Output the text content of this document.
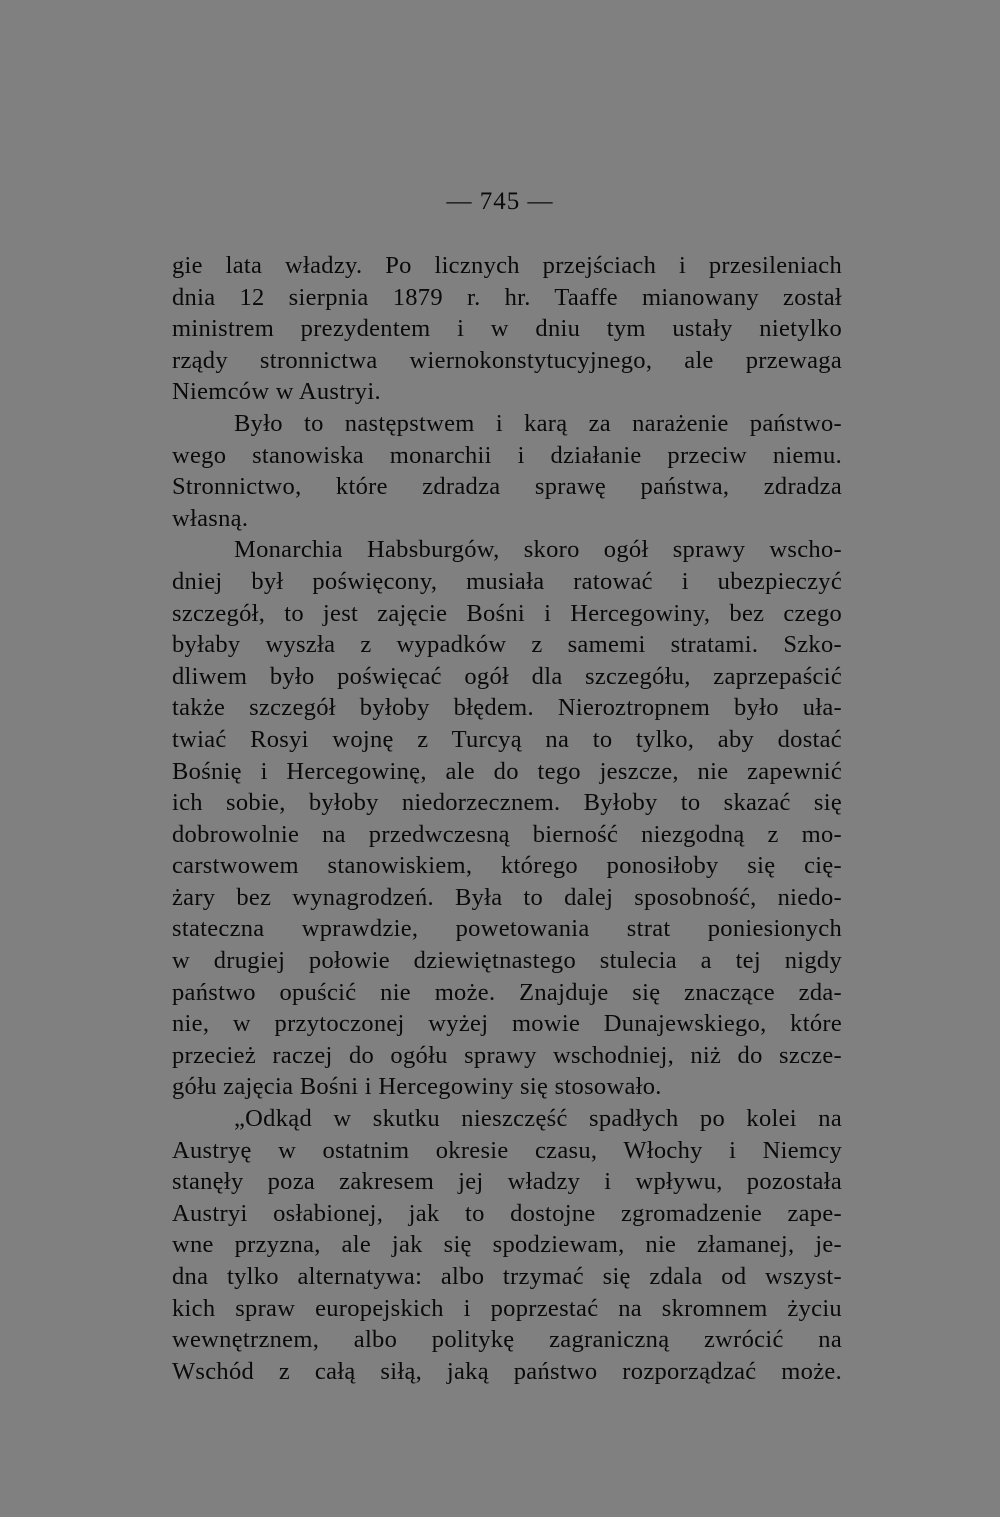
— 745 —
gie lata władzy. Po licznych przejściach i przesileniach
dnia 12 sierpnia 1879 r. hr. Taaffe mianowany został
ministrem prezydentem i w dniu tym ustały nietylko
rządy stronnictwa wiernokonstytucyjnego, ale przewaga
Niemców w Austryi.
Było to następstwem i karą za narażenie państwo-
wego stanowiska monarchii i działanie przeciw niemu.
Stronnictwo, które zdradza sprawę państwa, zdradza
własną.
Monarchia Habsburgów, skoro ogół sprawy wscho-
dniej był poświęcony, musiała ratować i ubezpieczyć
szczegół, to jest zajęcie Bośni i Hercegowiny, bez czego
byłaby wyszła z wypadków z samemi stratami. Szko-
dliwem było poświęcać ogół dla szczegółu, zaprzepaścić
także szczegół byłoby błędem. Nieroztropnem było uła-
twiać Rosyi wojnę z Turcyą na to tylko, aby dostać
Bośnię i Hercegowinę, ale do tego jeszcze, nie zapewnić
ich sobie, byłoby niedorzecznem. Byłoby to skazać się
dobrowolnie na przedwczesną bierność niezgodną z mo-
carstwowem stanowiskiem, którego ponosiłoby się cię-
żary bez wynagrodzeń. Była to dalej sposobność, niedo-
stateczna wprawdzie, powetowania strat poniesionych
w drugiej połowie dziewiętnastego stulecia a tej nigdy
państwo opuścić nie może. Znajduje się znaczące zda-
nie, w przytoczonej wyżej mowie Dunajewskiego, które
przecież raczej do ogółu sprawy wschodniej, niż do szcze-
gółu zajęcia Bośni i Hercegowiny się stosowało.
„Odkąd w skutku nieszczęść spadłych po kolei na
Austryę w ostatnim okresie czasu, Włochy i Niemcy
stanęły poza zakresem jej władzy i wpływu, pozostała
Austryi osłabionej, jak to dostojne zgromadzenie zape-
wne przyzna, ale jak się spodziewam, nie złamanej, je-
dna tylko alternatywa: albo trzymać się zdala od wszyst-
kich spraw europejskich i poprzestać na skromnem życiu
wewnętrznem, albo politykę zagraniczną zwrócić na
Wschód z całą siłą, jaką państwo rozporządzać może.
